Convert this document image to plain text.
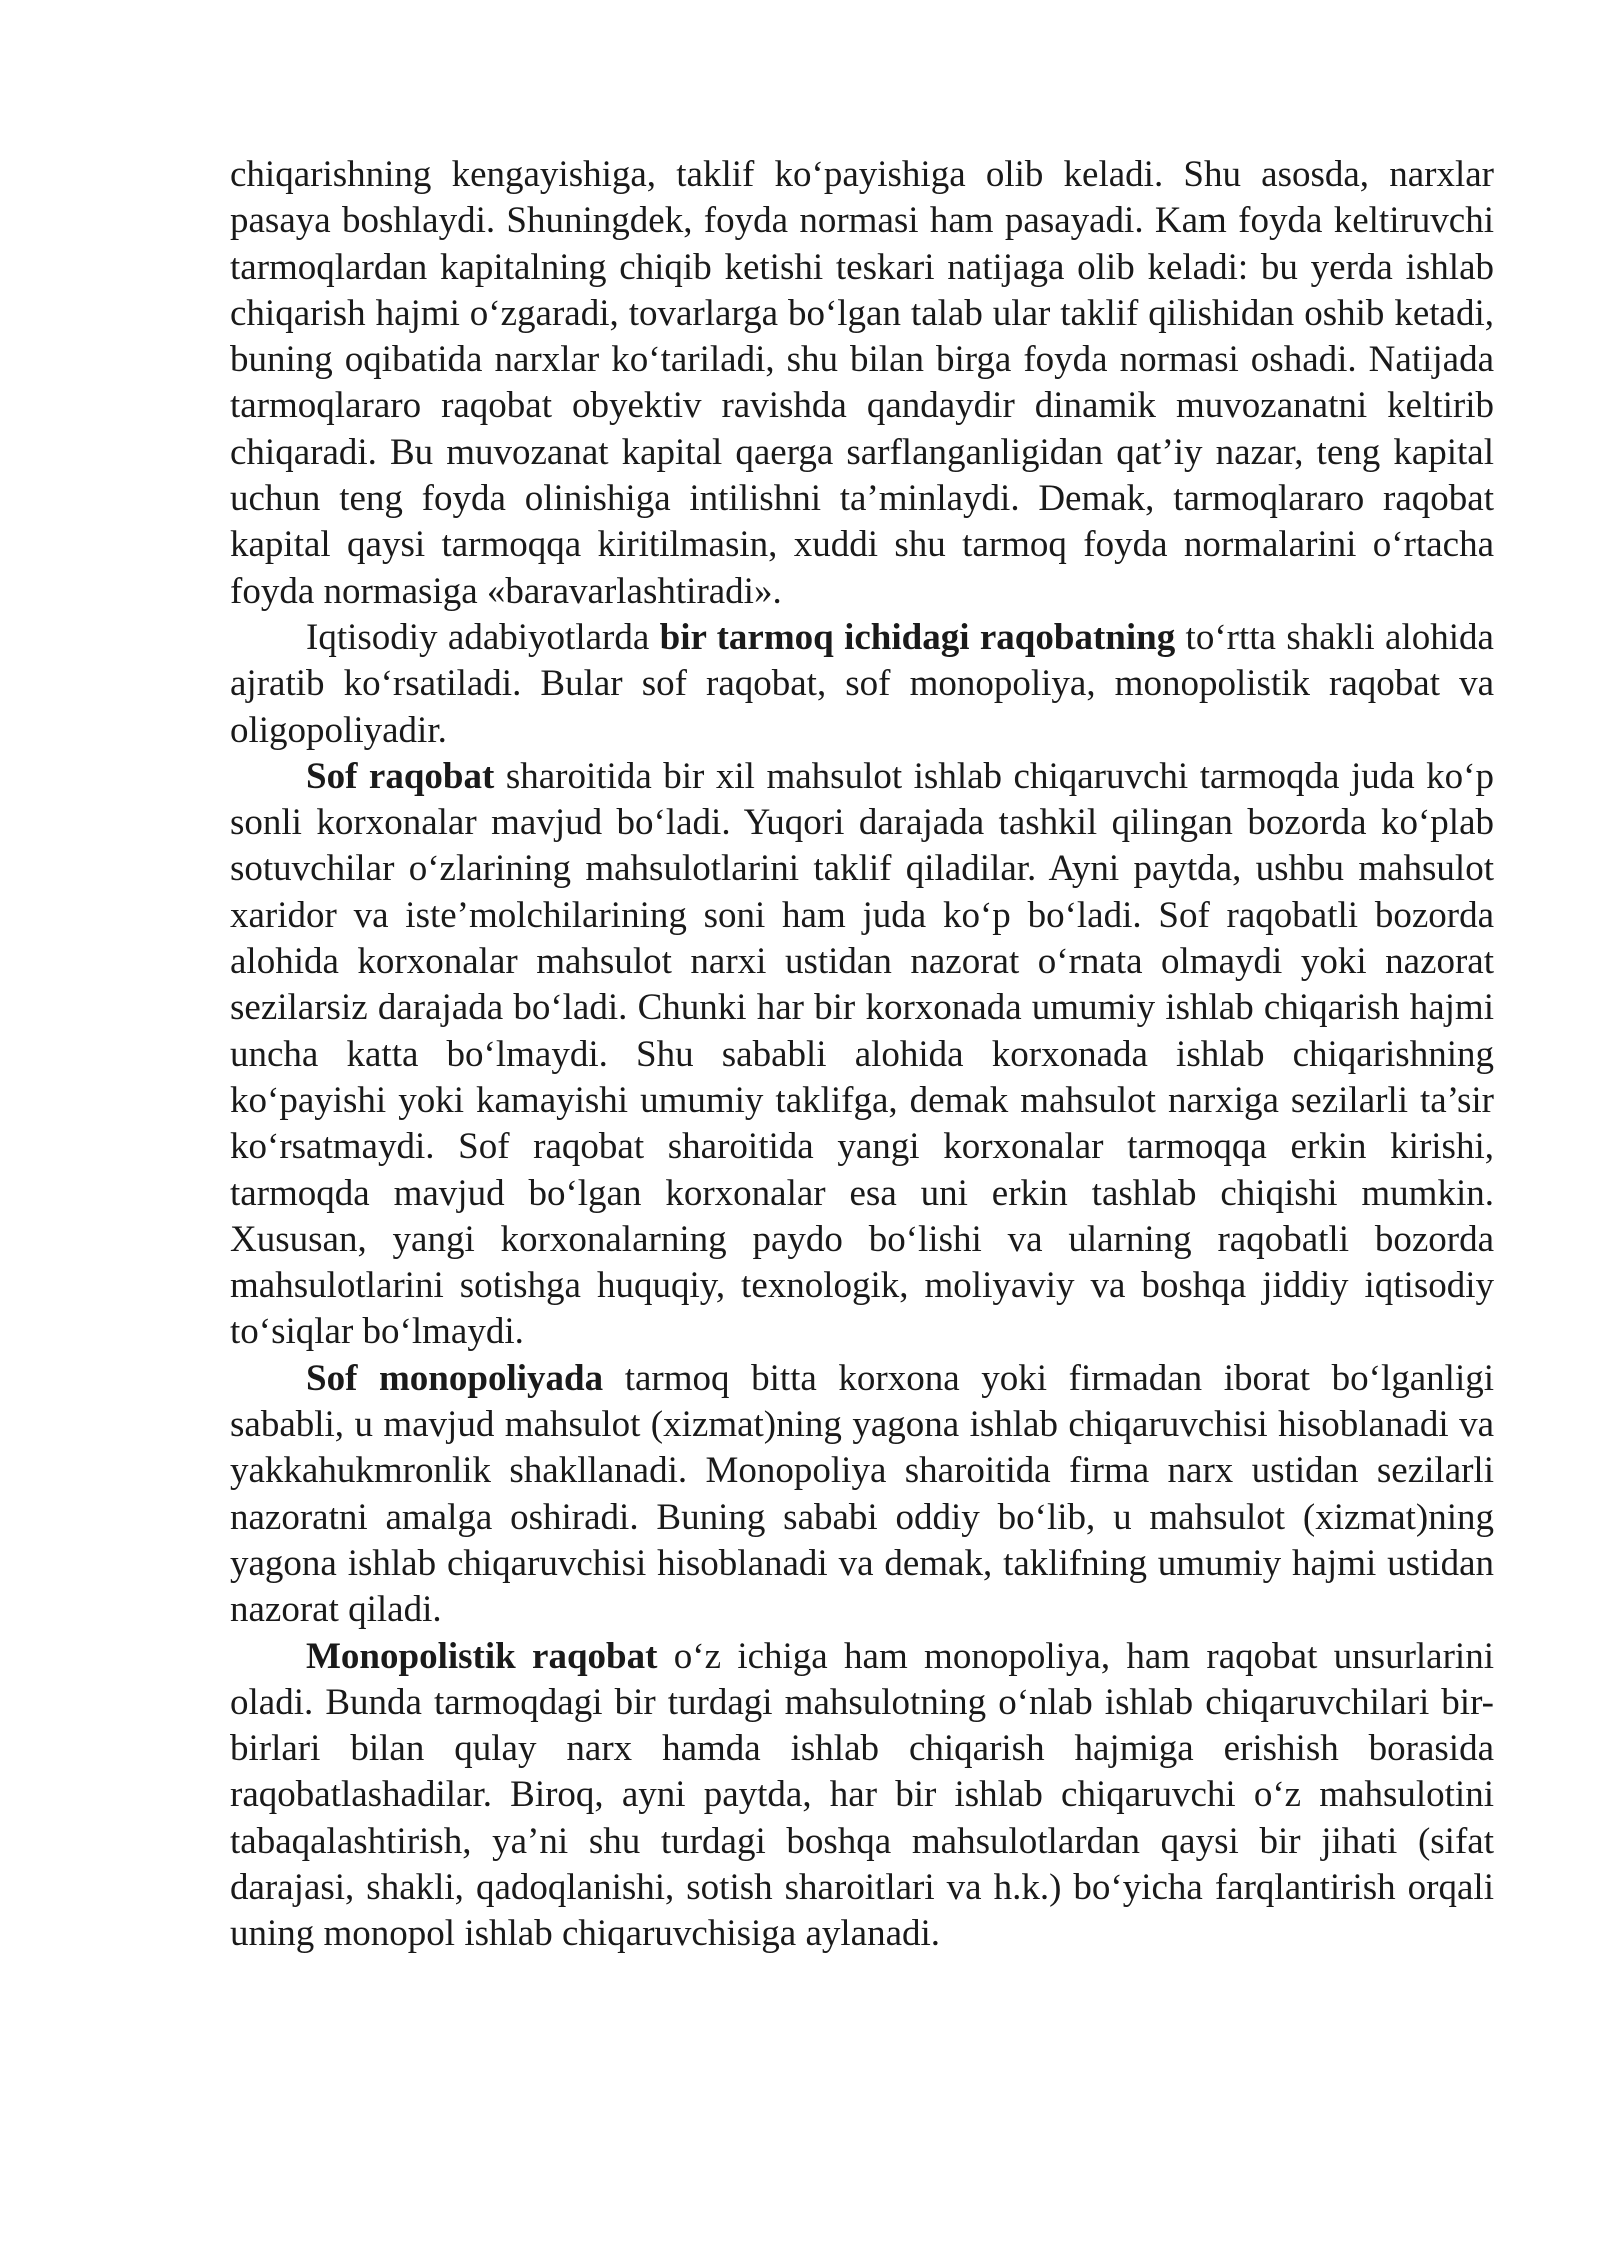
chiqarishning kengayishiga, taklif ko‘payishiga olib keladi. Shu asosda, narxlar pasaya boshlaydi. Shuningdek, foyda normasi ham pasayadi. Kam foyda keltiruvchi tarmoqlardan kapitalning chiqib ketishi teskari natijaga olib keladi: bu yerda ishlab chiqarish hajmi o‘zgaradi, tovarlarga bo‘lgan talab ular taklif qilishidan oshib ketadi, buning oqibatida narxlar ko‘tariladi, shu bilan birga foyda normasi oshadi. Natijada tarmoqlararo raqobat obyektiv ravishda qandaydir dinamik muvozanatni keltirib chiqaradi. Bu muvozanat kapital qaerga sarflanganligidan qat’iy nazar, teng kapital uchun teng foyda olinishiga intilishni ta’minlaydi. Demak, tarmoqlararo raqobat kapital qaysi tarmoqqa kiritilmasin, xuddi shu tarmoq foyda normalarini o‘rtacha foyda normasiga «baravarlashtiradi».

Iqtisodiy adabiyotlarda bir tarmoq ichidagi raqobatning to‘rtta shakli alohida ajratib ko‘rsatiladi. Bular sof raqobat, sof monopoliya, monopolistik raqobat va oligopoliyadir.

Sof raqobat sharoitida bir xil mahsulot ishlab chiqaruvchi tarmoqda juda ko‘p sonli korxonalar mavjud bo‘ladi. Yuqori darajada tashkil qilingan bozorda ko‘plab sotuvchilar o‘zlarining mahsulotlarini taklif qiladilar. Ayni paytda, ushbu mahsulot xaridor va iste’molchilarining soni ham juda ko‘p bo‘ladi. Sof raqobatli bozorda alohida korxonalar mahsulot narxi ustidan nazorat o‘rnata olmaydi yoki nazorat sezilarsiz darajada bo‘ladi. Chunki har bir korxonada umumiy ishlab chiqarish hajmi uncha katta bo‘lmaydi. Shu sababli alohida korxonada ishlab chiqarishning ko‘payishi yoki kamayishi umumiy taklifga, demak mahsulot narxiga sezilarli ta’sir ko‘rsatmaydi. Sof raqobat sharoitida yangi korxonalar tarmoqqa erkin kirishi, tarmoqda mavjud bo‘lgan korxonalar esa uni erkin tashlab chiqishi mumkin. Xususan, yangi korxonalarning paydo bo‘lishi va ularning raqobatli bozorda mahsulotlarini sotishga huquqiy, texnologik, moliyaviy va boshqa jiddiy iqtisodiy to‘siqlar bo‘lmaydi.

Sof monopoliyada tarmoq bitta korxona yoki firmadan iborat bo‘lganligi sababli, u mavjud mahsulot (xizmat)ning yagona ishlab chiqaruvchisi hisoblanadi va yakkahukmronlik shakllanadi. Monopoliya sharoitida firma narx ustidan sezilarli nazoratni amalga oshiradi. Buning sababi oddiy bo‘lib, u mahsulot (xizmat)ning yagona ishlab chiqaruvchisi hisoblanadi va demak, taklifning umumiy hajmi ustidan nazorat qiladi.

Monopolistik raqobat o‘z ichiga ham monopoliya, ham raqobat unsurlarini oladi. Bunda tarmoqdagi bir turdagi mahsulotning o‘nlab ishlab chiqaruvchilari bir-birlari bilan qulay narx hamda ishlab chiqarish hajmiga erishish borasida raqobatlashadilar. Biroq, ayni paytda, har bir ishlab chiqaruvchi o‘z mahsulotini tabaqalashtirish, ya’ni shu turdagi boshqa mahsulotlardan qaysi bir jihati (sifat darajasi, shakli, qadoqlanishi, sotish sharoitlari va h.k.) bo‘yicha farqlantirish orqali uning monopol ishlab chiqaruvchisiga aylanadi.
